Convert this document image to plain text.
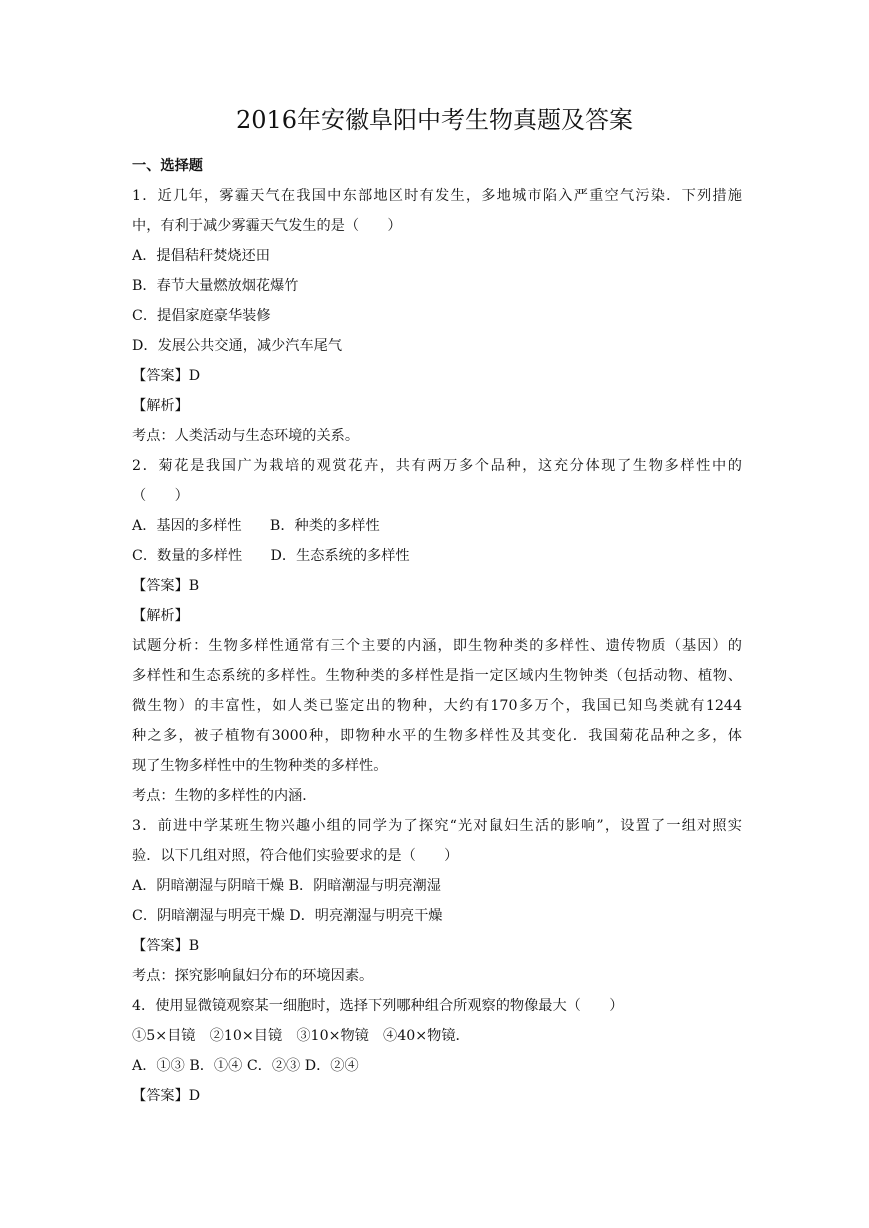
2016年安徽阜阳中考生物真题及答案
一、选择题
1．近几年，雾霾天气在我国中东部地区时有发生，多地城市陷入严重空气污染．下列措施
中，有利于减少雾霾天气发生的是（　　）
A．提倡秸秆焚烧还田
B．春节大量燃放烟花爆竹
C．提倡家庭豪华装修
D．发展公共交通，减少汽车尾气
【答案】D
【解析】
考点：人类活动与生态环境的关系。
2．菊花是我国广为栽培的观赏花卉，共有两万多个品种，这充分体现了生物多样性中的
（　　）
A．基因的多样性　　B．种类的多样性
C．数量的多样性　　D．生态系统的多样性
【答案】B
【解析】
试题分析：生物多样性通常有三个主要的内涵，即生物种类的多样性、遗传物质（基因）的
多样性和生态系统的多样性。生物种类的多样性是指一定区域内生物钟类（包括动物、植物、
微生物）的丰富性，如人类已鉴定出的物种，大约有170多万个，我国已知鸟类就有1244
种之多，被子植物有3000种，即物种水平的生物多样性及其变化．我国菊花品种之多，体
现了生物多样性中的生物种类的多样性。
考点：生物的多样性的内涵．
3．前进中学某班生物兴趣小组的同学为了探究“光对鼠妇生活的影响”，设置了一组对照实
验．以下几组对照，符合他们实验要求的是（　　）
A．阴暗潮湿与阴暗干燥 B．阴暗潮湿与明亮潮湿
C．阴暗潮湿与明亮干燥 D．明亮潮湿与明亮干燥
【答案】B
考点：探究影响鼠妇分布的环境因素。
4．使用显微镜观察某一细胞时，选择下列哪种组合所观察的物像最大（　　）
①5×目镜　②10×目镜　③10×物镜　④40×物镜．
A．①③ B．①④ C．②③ D．②④
【答案】D
